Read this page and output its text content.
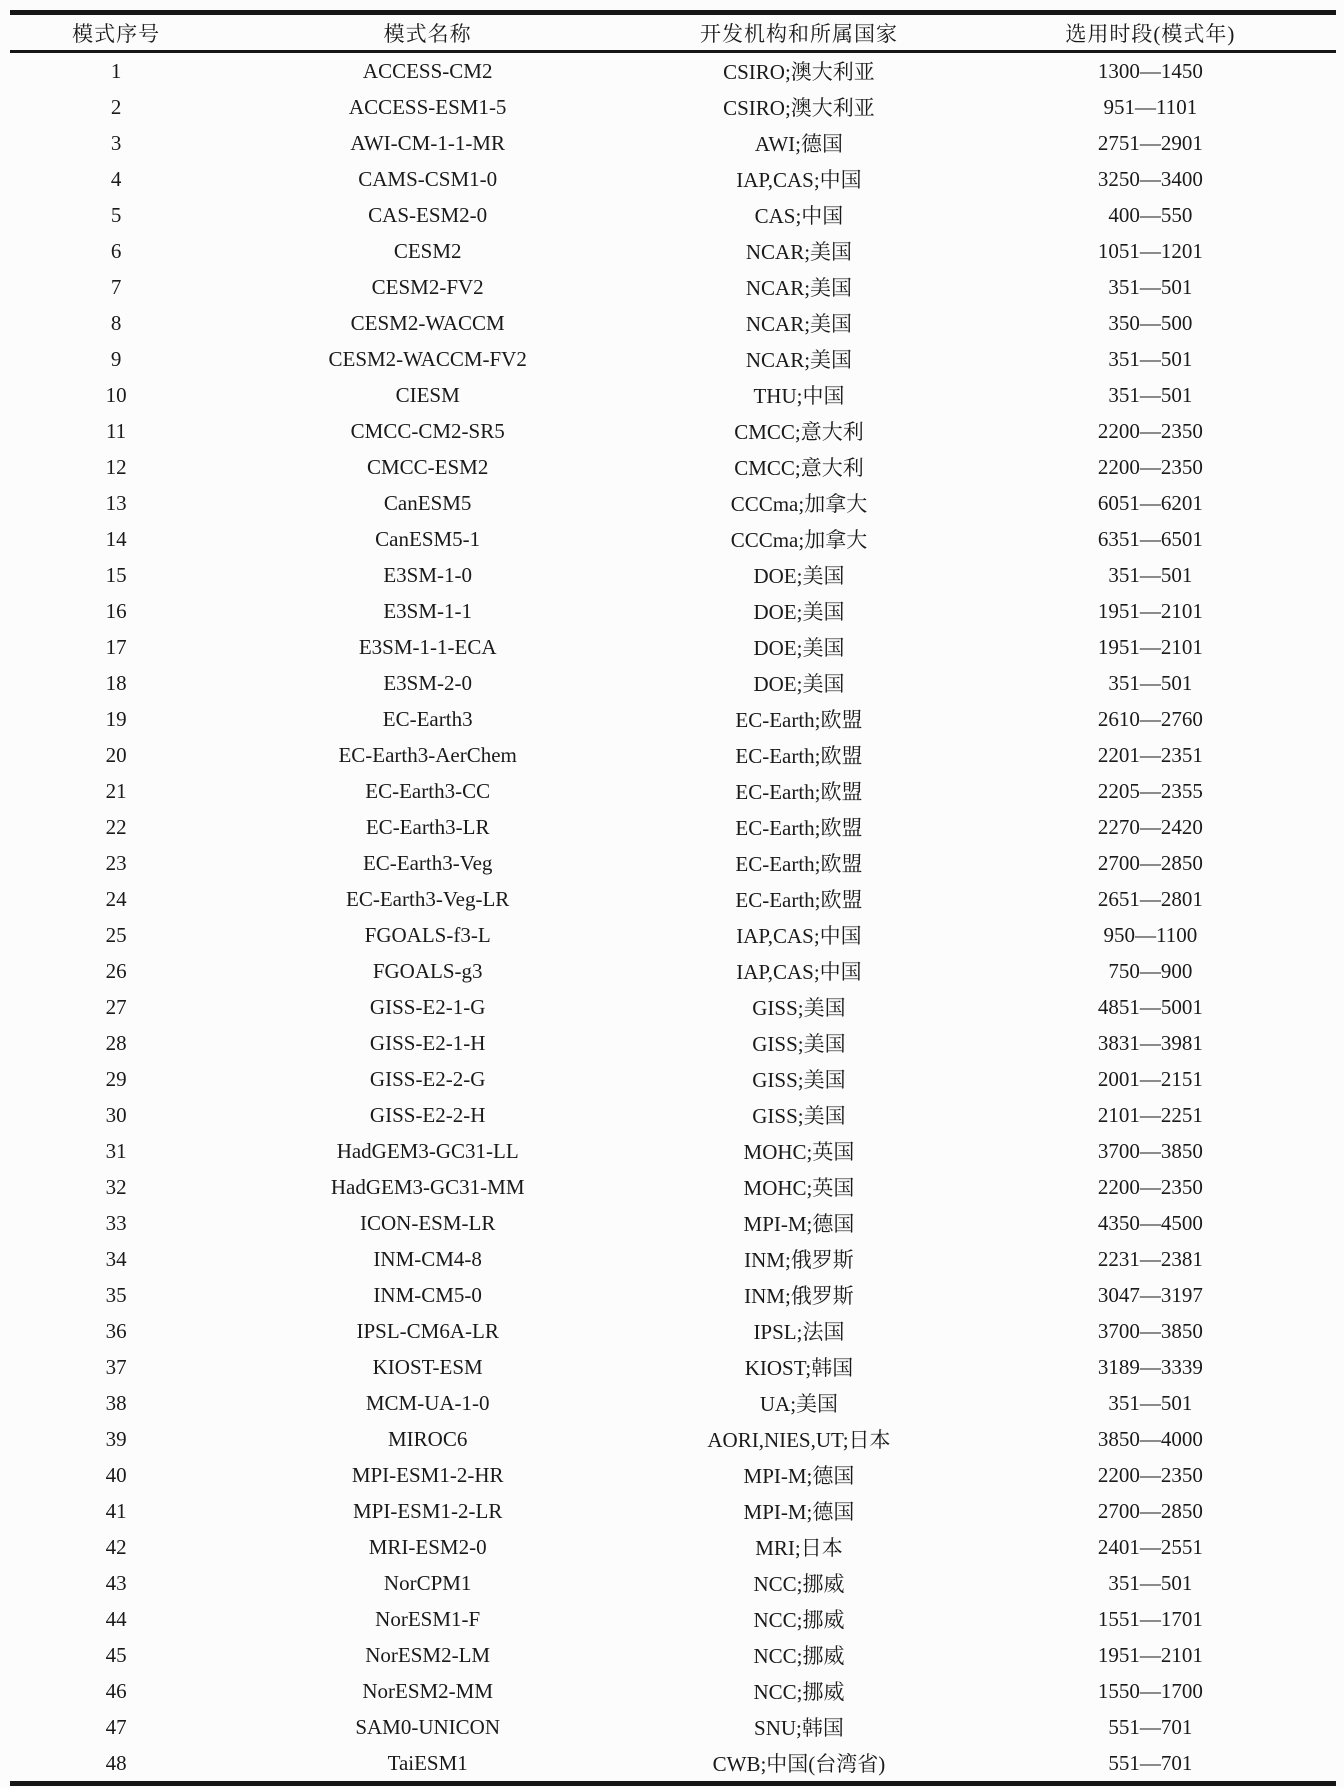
模式序号	模式名称	开发机构和所属国家	选用时段(模式年)
1	ACCESS-CM2	CSIRO;澳大利亚	1300—1450
2	ACCESS-ESM1-5	CSIRO;澳大利亚	951—1101
3	AWI-CM-1-1-MR	AWI;德国	2751—2901
4	CAMS-CSM1-0	IAP,CAS;中国	3250—3400
5	CAS-ESM2-0	CAS;中国	400—550
6	CESM2	NCAR;美国	1051—1201
7	CESM2-FV2	NCAR;美国	351—501
8	CESM2-WACCM	NCAR;美国	350—500
9	CESM2-WACCM-FV2	NCAR;美国	351—501
10	CIESM	THU;中国	351—501
11	CMCC-CM2-SR5	CMCC;意大利	2200—2350
12	CMCC-ESM2	CMCC;意大利	2200—2350
13	CanESM5	CCCma;加拿大	6051—6201
14	CanESM5-1	CCCma;加拿大	6351—6501
15	E3SM-1-0	DOE;美国	351—501
16	E3SM-1-1	DOE;美国	1951—2101
17	E3SM-1-1-ECA	DOE;美国	1951—2101
18	E3SM-2-0	DOE;美国	351—501
19	EC-Earth3	EC-Earth;欧盟	2610—2760
20	EC-Earth3-AerChem	EC-Earth;欧盟	2201—2351
21	EC-Earth3-CC	EC-Earth;欧盟	2205—2355
22	EC-Earth3-LR	EC-Earth;欧盟	2270—2420
23	EC-Earth3-Veg	EC-Earth;欧盟	2700—2850
24	EC-Earth3-Veg-LR	EC-Earth;欧盟	2651—2801
25	FGOALS-f3-L	IAP,CAS;中国	950—1100
26	FGOALS-g3	IAP,CAS;中国	750—900
27	GISS-E2-1-G	GISS;美国	4851—5001
28	GISS-E2-1-H	GISS;美国	3831—3981
29	GISS-E2-2-G	GISS;美国	2001—2151
30	GISS-E2-2-H	GISS;美国	2101—2251
31	HadGEM3-GC31-LL	MOHC;英国	3700—3850
32	HadGEM3-GC31-MM	MOHC;英国	2200—2350
33	ICON-ESM-LR	MPI-M;德国	4350—4500
34	INM-CM4-8	INM;俄罗斯	2231—2381
35	INM-CM5-0	INM;俄罗斯	3047—3197
36	IPSL-CM6A-LR	IPSL;法国	3700—3850
37	KIOST-ESM	KIOST;韩国	3189—3339
38	MCM-UA-1-0	UA;美国	351—501
39	MIROC6	AORI,NIES,UT;日本	3850—4000
40	MPI-ESM1-2-HR	MPI-M;德国	2200—2350
41	MPI-ESM1-2-LR	MPI-M;德国	2700—2850
42	MRI-ESM2-0	MRI;日本	2401—2551
43	NorCPM1	NCC;挪威	351—501
44	NorESM1-F	NCC;挪威	1551—1701
45	NorESM2-LM	NCC;挪威	1951—2101
46	NorESM2-MM	NCC;挪威	1550—1700
47	SAM0-UNICON	SNU;韩国	551—701
48	TaiESM1	CWB;中国(台湾省)	551—701
